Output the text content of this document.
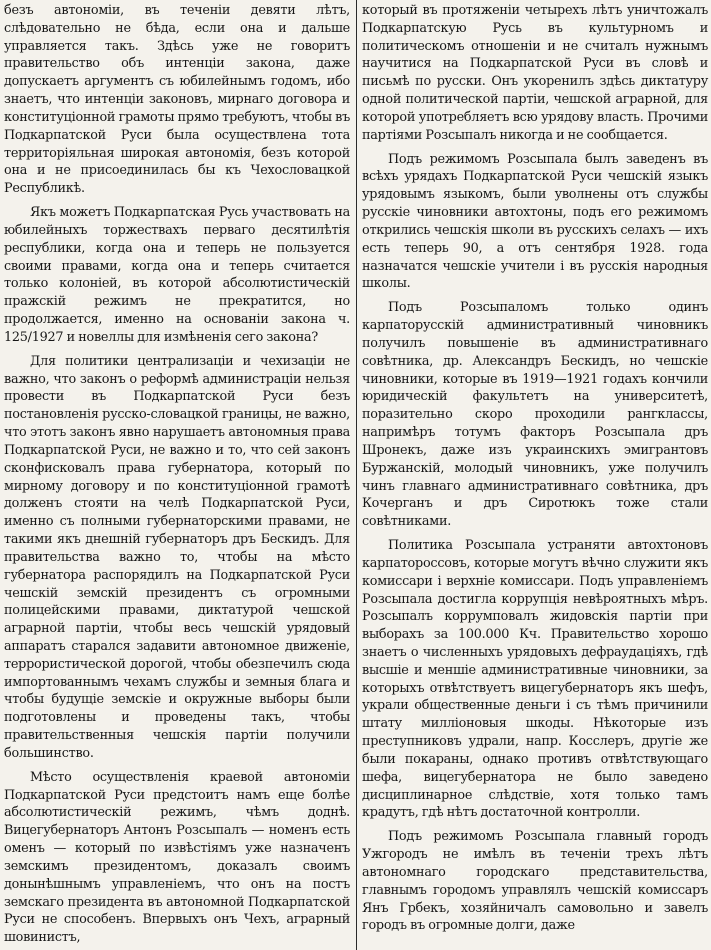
безъ автономіи, въ теченіи девяти лѣтъ, слѣдовательно не бѣда, если она и дальше управляется такъ. Здѣсь уже не говоритъ правительство объ интенціи закона, даже допускаетъ аргументъ съ юбилейнымъ годомъ, ибо знаетъ, что интенціи законовъ, мирнаго договора и конституціонной грамоты прямо требуютъ, чтобы въ Подкарпатской Руси была осуществлена тота территоріяльная широкая автономія, безъ которой она и не присоединилась бы къ Чехословацкой Республикѣ.

Якъ можетъ Подкарпатская Русь участвовать на юбилейныхъ торжествахъ перваго десятилѣтія республики, когда она и теперь не пользуется своими правами, когда она и теперь считается только колоніей, въ которой абсолютистическій пражскій режимъ не прекратится, но продолжается, именно на основаніи закона ч. 125/1927 и новеллы для измѣненія сего закона?

Для политики централизаціи и чехизаціи не важно, что законъ о реформѣ администраціи нельзя провести въ Подкарпатской Руси безъ постановленія русско-словацкой границы, не важно, что этотъ законъ явно нарушаетъ автономныя права Подкарпатской Руси, не важно и то, что сей законъ сконфисковалъ права губернатора, который по мирному договору и по конституціонной грамотѣ долженъ стояти на челѣ Подкарпатской Руси, именно съ полными губернаторскими правами, не такими якъ днешній губернаторъ дръ Бескидъ. Для правительства важно то, чтобы на мѣсто губернатора распорядилъ на Подкарпатской Руси чешскій земскій президентъ съ огромными полицейскими правами, диктатурой чешской аграрной партіи, чтобы весь чешскій урядовый аппаратъ старался задавити автономное движеніе, террористической дорогой, чтобы обезпечилъ сюда импортованнымъ чехамъ службы и земныя блага и чтобы будущіе земскіе и окружные выборы были подготовлены и проведены такъ, чтобы правительственныя чешскія партіи получили большинство.

Мѣсто осуществленія краевой автономіи Подкарпатской Руси предстоитъ намъ еще болѣе абсолютистическій режимъ, чѣмъ доднѣ. Вицегубернаторъ Антонъ Розсыпалъ — номенъ есть оменъ — который по извѣстіямъ уже назначенъ земскимъ президентомъ, доказалъ своимъ донынѣшнымъ управленіемъ, что онъ на постъ земскаго президента въ автономной Подкарпатской Руси не способенъ. Впервыхъ онъ Чехъ, аграрный шовинистъ,

который въ протяженіи четырехъ лѣтъ уничтожалъ Подкарпатскую Русь въ культурномъ и политическомъ отношеніи и не считалъ нужнымъ научитися на Подкарпатской Руси въ словѣ и письмѣ по русски. Онъ укоренилъ здѣсь диктатуру одной политической партіи, чешской аграрной, для которой употребляетъ всю урядову власть. Прочими партіями Розсыпалъ никогда и не сообщается.

Подъ режимомъ Розсыпала былъ заведенъ въ всѣхъ урядахъ Подкарпатской Руси чешскій языкъ урядовымъ языкомъ, были уволнены отъ службы русскіе чиновники автохтоны, подъ его режимомъ открились чешскія школи въ русскихъ селахъ — ихъ есть теперь 90, а отъ сентября 1928. года назначатся чешскіе учители і въ русскія народныя школы.

Подъ Розсыпаломъ только одинъ карпаторусскій административный чиновникъ получилъ повышеніе въ административнаго совѣтника, др. Александръ Бескидъ, но чешскіе чиновники, которые въ 1919—1921 годахъ кончили юридическій факультетъ на университетѣ, поразительно скоро проходили рангклассы, напримѣръ тотумъ факторъ Розсыпала дръ Шронекъ, даже изъ украинскихъ эмигрантовъ Буржанскій, молодый чиновникъ, уже получилъ чинъ главнаго административнаго совѣтника, дръ Кочерганъ и дръ Сиротюкъ тоже стали совѣтниками.

Политика Розсыпала устраняти автохтоновъ карпатороссовъ, которые могутъ вѣчно служити якъ комиссари і верхніе комиссари. Подъ управленіемъ Розсыпала достигла коррупція невѣроятныхъ мѣръ. Розсыпалъ коррумповалъ жидовскія партіи при выборахъ за 100.000 Кч. Правительство хорошо знаетъ о численныхъ урядовыхъ дефраудаціяхъ, гдѣ высшіе и меншіе административные чиновники, за которыхъ отвѣтствуетъ вицегубернаторъ якъ шефъ, украли общественные деньги і съ тѣмъ причинили штату милліоновыя шкоды. Нѣкоторые изъ преступниковъ удрали, напр. Косслеръ, другіе же были покараны, однако противъ отвѣтствующаго шефа, вицегубернатора не было заведено дисциплинарное слѣдствіе, хотя только тамъ крадутъ, гдѣ нѣтъ достаточной контролли.

Подъ режимомъ Розсыпала главный городъ Ужгородъ не имѣлъ въ теченіи трехъ лѣтъ автономнаго городскаго представительства, главнымъ городомъ управлялъ чешскій комиссаръ Янъ Грбекъ, хозяйничалъ самовольно и завелъ городъ въ огромные долги, даже
